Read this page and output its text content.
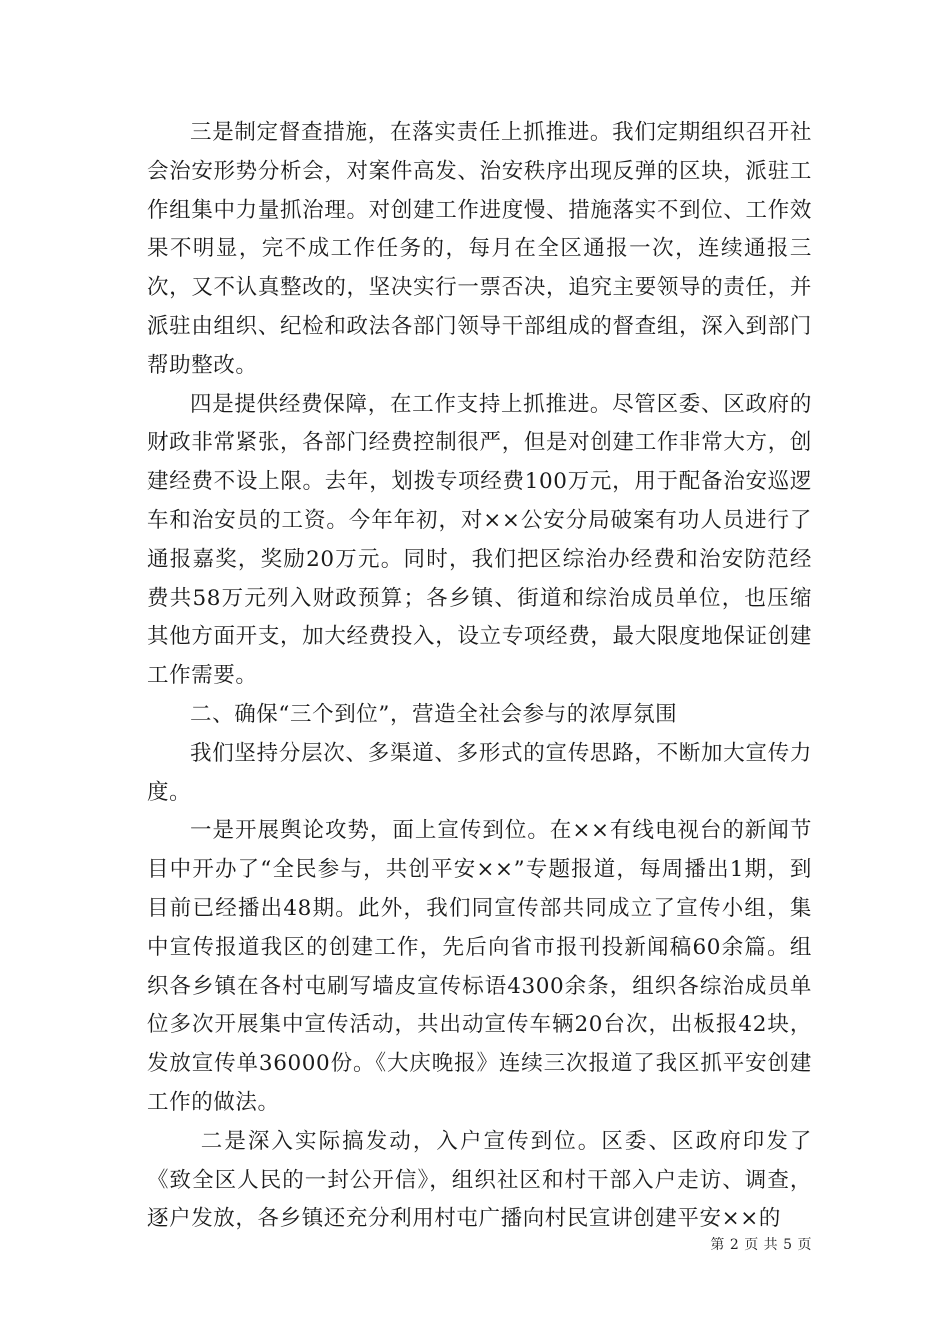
三是制定督查措施，在落实责任上抓推进。我们定期组织召开社会治安形势分析会，对案件高发、治安秩序出现反弹的区块，派驻工作组集中力量抓治理。对创建工作进度慢、措施落实不到位、工作效果不明显，完不成工作任务的，每月在全区通报一次，连续通报三次，又不认真整改的，坚决实行一票否决，追究主要领导的责任，并派驻由组织、纪检和政法各部门领导干部组成的督查组，深入到部门帮助整改。

四是提供经费保障，在工作支持上抓推进。尽管区委、区政府的财政非常紧张，各部门经费控制很严，但是对创建工作非常大方，创建经费不设上限。去年，划拨专项经费100万元，用于配备治安巡逻车和治安员的工资。今年年初，对××公安分局破案有功人员进行了通报嘉奖，奖励20万元。同时，我们把区综治办经费和治安防范经费共58万元列入财政预算；各乡镇、街道和综治成员单位，也压缩其他方面开支，加大经费投入，设立专项经费，最大限度地保证创建工作需要。

二、确保“三个到位”，营造全社会参与的浓厚氛围

我们坚持分层次、多渠道、多形式的宣传思路，不断加大宣传力度。

一是开展舆论攻势，面上宣传到位。在××有线电视台的新闻节目中开办了“全民参与，共创平安××”专题报道，每周播出1期，到目前已经播出48期。此外，我们同宣传部共同成立了宣传小组，集中宣传报道我区的创建工作，先后向省市报刊投新闻稿60余篇。组织各乡镇在各村屯刷写墙皮宣传标语4300余条，组织各综治成员单位多次开展集中宣传活动，共出动宣传车辆20台次，出板报42块，发放宣传单36000份。《大庆晚报》连续三次报道了我区抓平安创建工作的做法。

二是深入实际搞发动，入户宣传到位。区委、区政府印发了《致全区人民的一封公开信》，组织社区和村干部入户走访、调查，逐户发放，各乡镇还充分利用村屯广播向村民宣讲创建平安××的

第 2 页 共 5 页
